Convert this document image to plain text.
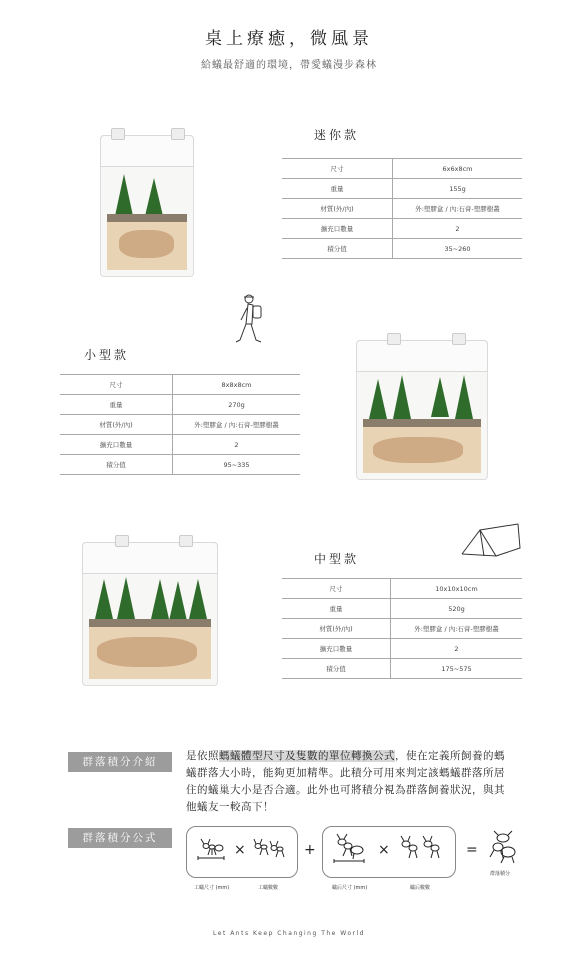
桌上療癒，微風景
給蟻最舒適的環境，帶愛蟻漫步森林
迷你款
尺寸	6x6x8cm
重量	155g
材質(外/內)	外:塑膠盒 / 內:石膏-塑膠樹叢
擴充口數量	2
積分值	35~260
小型款
尺寸	8x8x8cm
重量	270g
材質(外/內)	外:塑膠盒 / 內:石膏-塑膠樹叢
擴充口數量	2
積分值	95~335
中型款
尺寸	10x10x10cm
重量	520g
材質(外/內)	外:塑膠盒 / 內:石膏-塑膠樹叢
擴充口數量	2
積分值	175~575
群落積分介紹	是依照螞蟻體型尺寸及隻數的單位轉換公式，使在定義所飼養的螞蟻群落大小時，能夠更加精準。此積分可用來判定該螞蟻群落所居住的蟻巢大小是否合適。此外也可將積分視為群落飼養狀況，與其他蟻友一較高下！
群落積分公式
×	+	×	=
工蟻尺寸 (mm)	工蟻數數	蟻后尺寸 (mm)	蟻后數數
群落積分
Let Ants Keep Changing The World
